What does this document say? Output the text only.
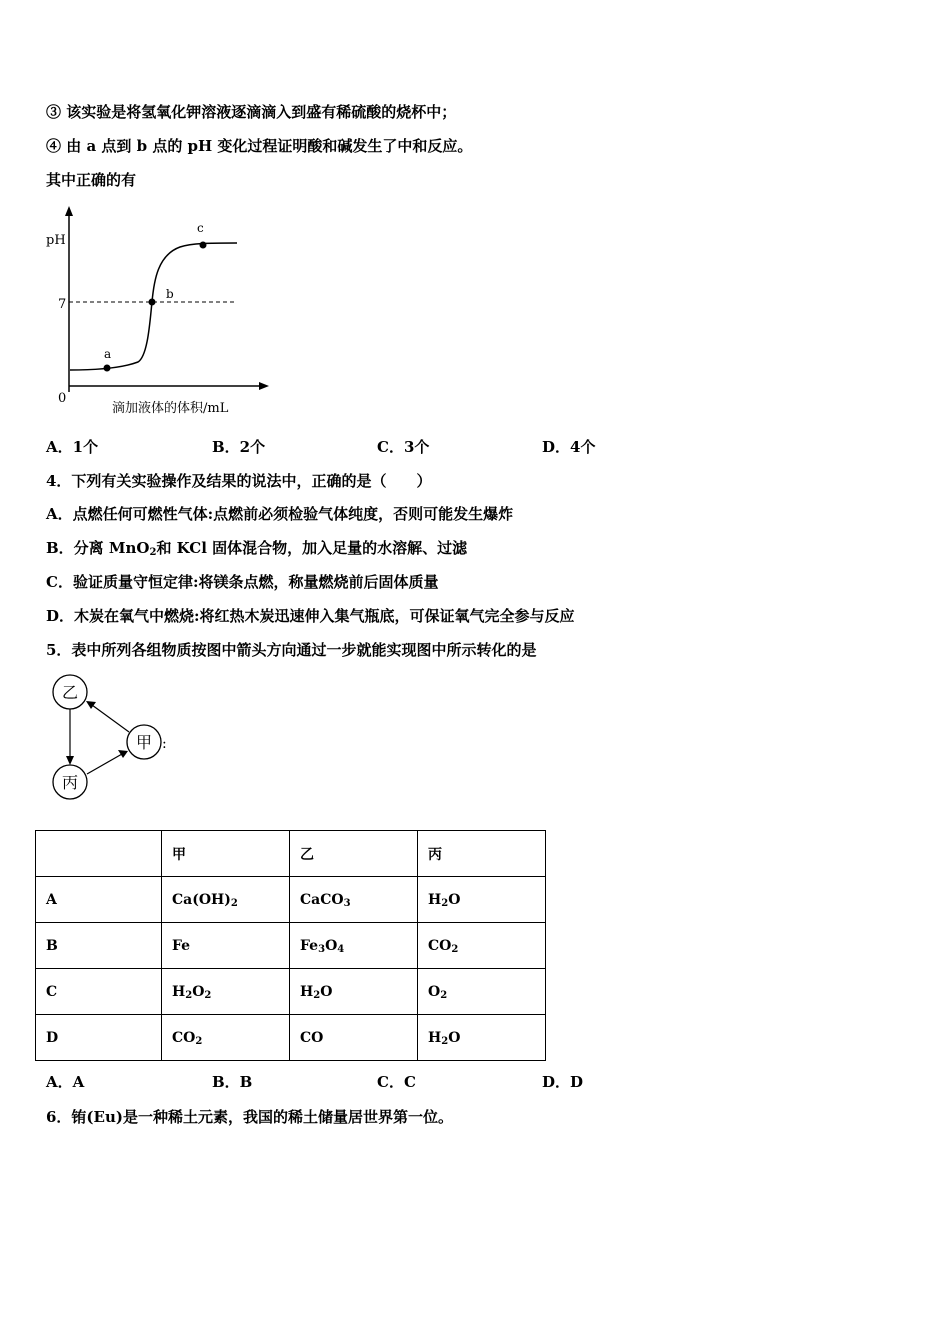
③ 该实验是将氢氧化钾溶液逐滴滴入到盛有稀硫酸的烧杯中；
④ 由 a 点到 b 点的 pH 变化过程证明酸和碱发生了中和反应。
其中正确的有
pH
7
0
滴加液体的体积/mL
a
b
c
A．1个	B．2个	C．3个	D．4个
4．下列有关实验操作及结果的说法中，正确的是（　　）
A．点燃任何可燃性气体:点燃前必须检验气体纯度，否则可能发生爆炸
B．分离 MnO$_2$和 KCl 固体混合物，加入足量的水溶解、过滤
C．验证质量守恒定律:将镁条点燃，称量燃烧前后固体质量
D．木炭在氧气中燃烧:将红热木炭迅速伸入集气瓶底，可保证氧气完全参与反应
5．表中所列各组物质按图中箭头方向通过一步就能实现图中所示转化的是
乙
甲 :
丙
	甲	乙	丙
A	$Ca(OH)_2$	CaCO$_3$	$H_2O$
B	Fe	$Fe_3O_4$	$CO_2$
C	$H_2O_2$	$H_2O$	$O_2$
D	$CO_2$	CO	$H_2O$
A．A	B．B	C．C	D．D
6．铕(Eu)是一种稀土元素，我国的稀土储量居世界第一位。
